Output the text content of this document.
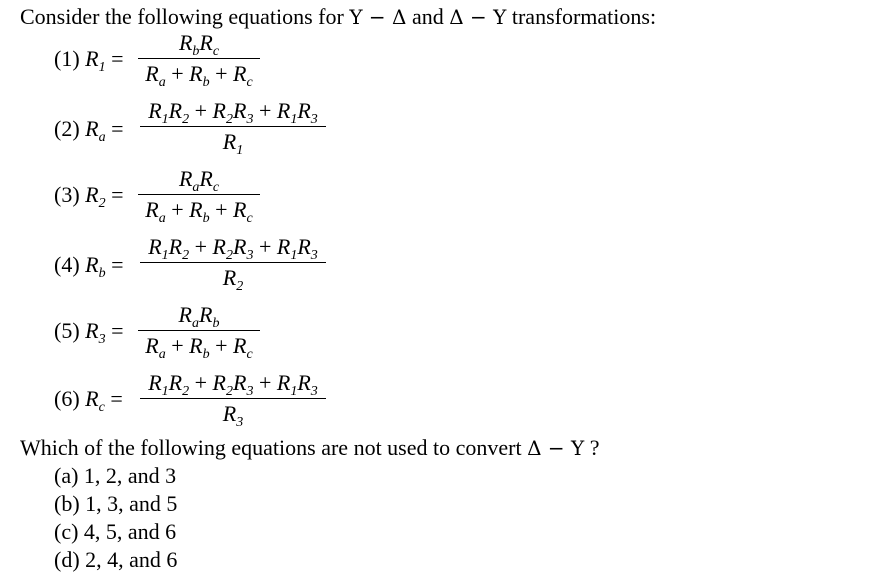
Consider the following equations for Y − Δ and Δ − Y transformations:
(1) $R_1$ =
$R_bR_c$
$R_a + R_b + R_c$
(2) $R_a$ =
$R_1R_2 + R_2R_3 + R_1R_3$
$R_1$
(3) $R_2$ =
$R_aR_c$
$R_a + R_b + R_c$
(4) $R_b$ =
$R_1R_2 + R_2R_3 + R_1R_3$
$R_2$
(5) $R_3$ =
$R_aR_b$
$R_a + R_b + R_c$
(6) $R_c$ =
$R_1R_2 + R_2R_3 + R_1R_3$
$R_3$
Which of the following equations are not used to convert Δ − Y ?
(a) 1, 2, and 3
(b) 1, 3, and 5
(c) 4, 5, and 6
(d) 2, 4, and 6
